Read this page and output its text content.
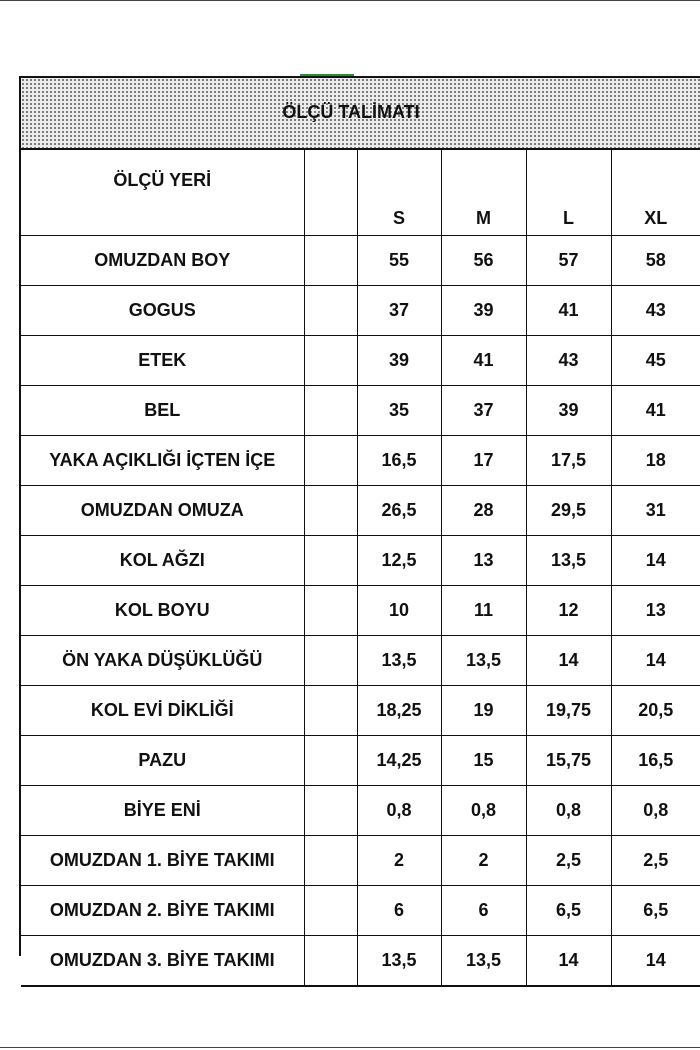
ÖLÇÜ TALİMATI
ÖLÇÜ YERİ		S	M	L	XL
OMUZDAN BOY		55	56	57	58
GOGUS		37	39	41	43
ETEK		39	41	43	45
BEL		35	37	39	41
YAKA AÇIKLIĞI İÇTEN İÇE		16,5	17	17,5	18
OMUZDAN OMUZA		26,5	28	29,5	31
KOL AĞZI		12,5	13	13,5	14
KOL BOYU		10	11	12	13
ÖN YAKA DÜŞÜKLÜĞÜ		13,5	13,5	14	14
KOL EVİ DİKLİĞİ		18,25	19	19,75	20,5
PAZU		14,25	15	15,75	16,5
BİYE ENİ		0,8	0,8	0,8	0,8
OMUZDAN 1. BİYE TAKIMI		2	2	2,5	2,5
OMUZDAN 2. BİYE TAKIMI		6	6	6,5	6,5
OMUZDAN 3. BİYE TAKIMI		13,5	13,5	14	14
